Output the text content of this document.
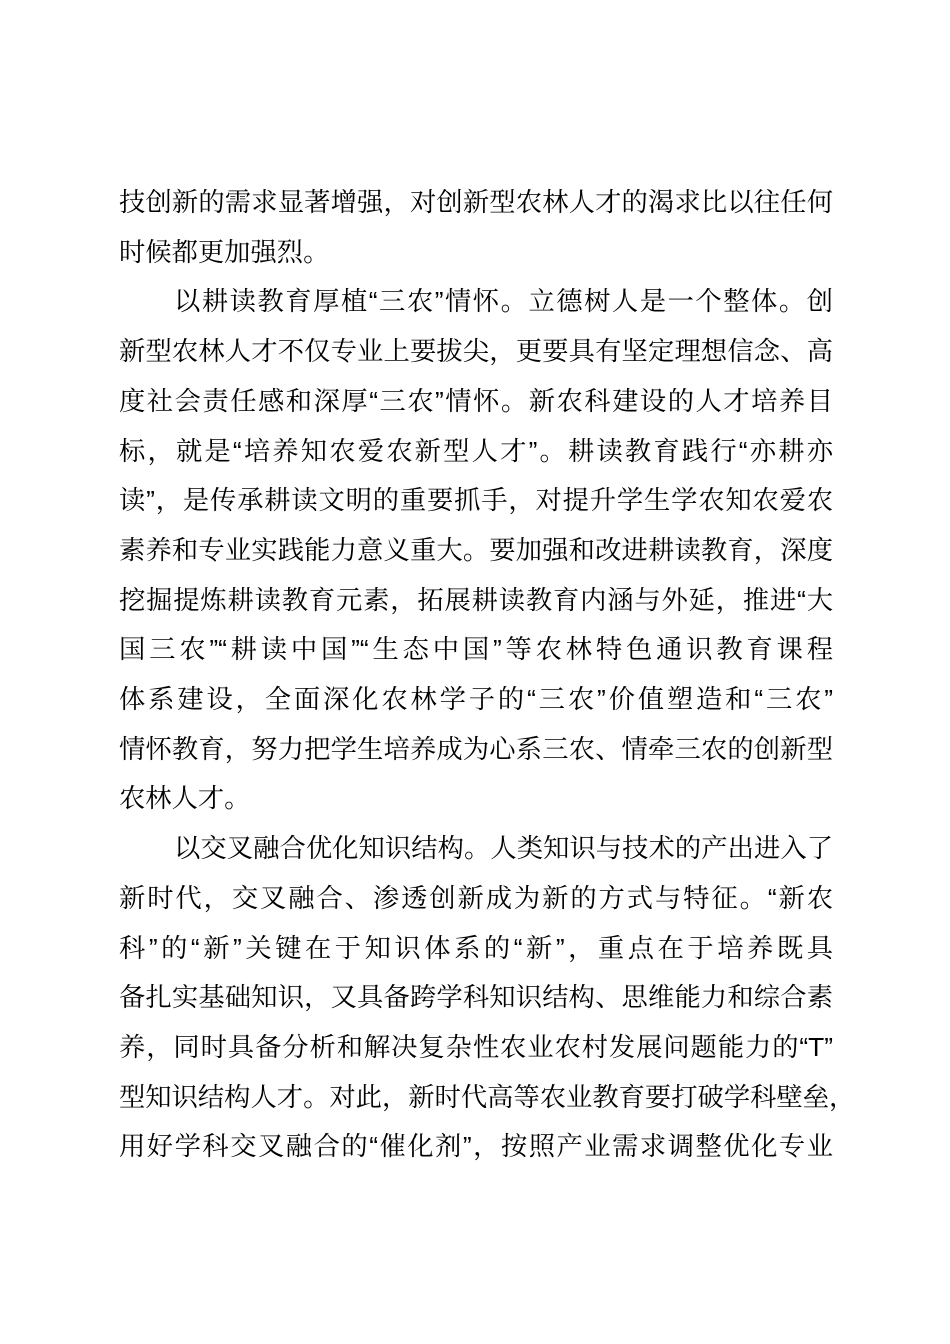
技创新的需求显著增强，对创新型农林人才的渴求比以往任何
时候都更加强烈。
以耕读教育厚植“三农”情怀。立德树人是一个整体。创
新型农林人才不仅专业上要拔尖，更要具有坚定理想信念、高
度社会责任感和深厚“三农”情怀。新农科建设的人才培养目
标，就是“培养知农爱农新型人才”。耕读教育践行“亦耕亦
读”，是传承耕读文明的重要抓手，对提升学生学农知农爱农
素养和专业实践能力意义重大。要加强和改进耕读教育，深度
挖掘提炼耕读教育元素，拓展耕读教育内涵与外延，推进“大
国三农”“耕读中国”“生态中国”等农林特色通识教育课程
体系建设，全面深化农林学子的“三农”价值塑造和“三农”
情怀教育，努力把学生培养成为心系三农、情牵三农的创新型
农林人才。
以交叉融合优化知识结构。人类知识与技术的产出进入了
新时代，交叉融合、渗透创新成为新的方式与特征。“新农
科”的“新”关键在于知识体系的“新”，重点在于培养既具
备扎实基础知识，又具备跨学科知识结构、思维能力和综合素
养，同时具备分析和解决复杂性农业农村发展问题能力的“T”
型知识结构人才。对此，新时代高等农业教育要打破学科壁垒，
用好学科交叉融合的“催化剂”，按照产业需求调整优化专业
